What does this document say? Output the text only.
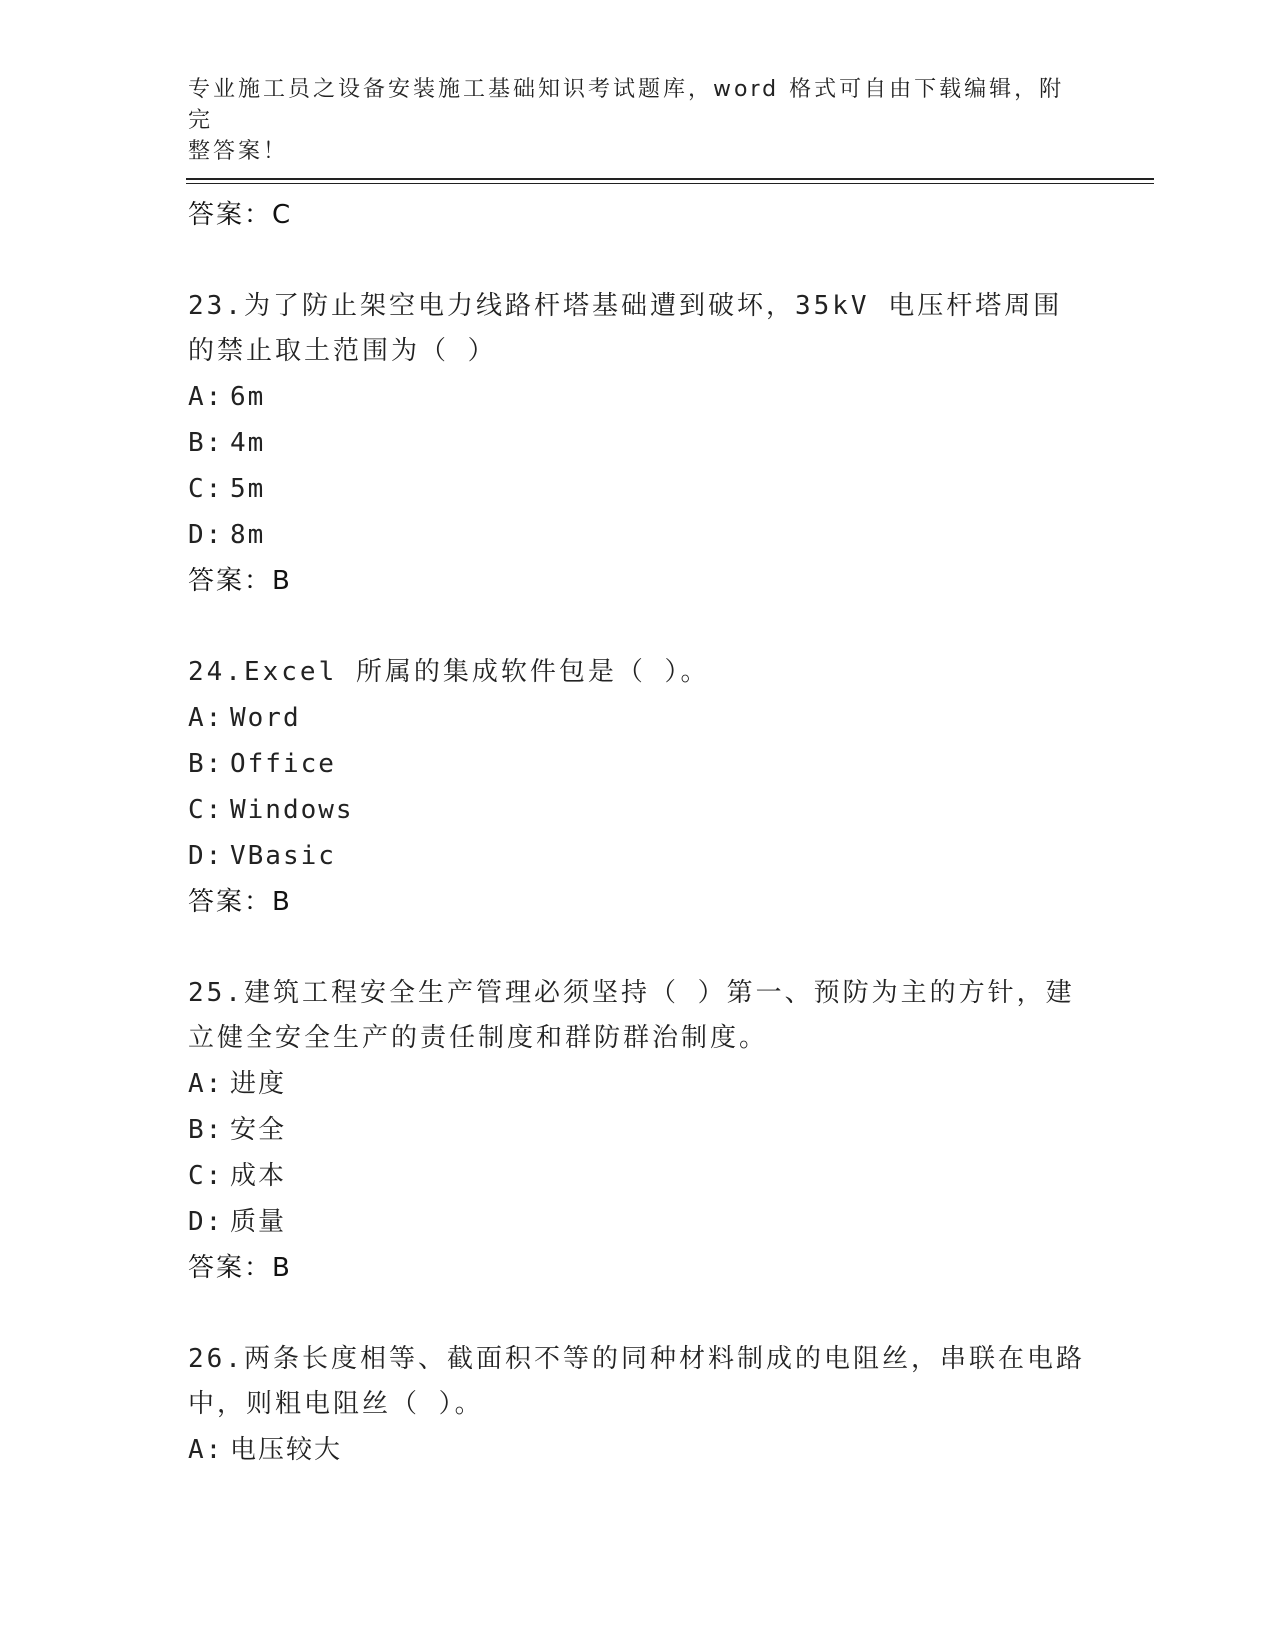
专业施工员之设备安装施工基础知识考试题库，word 格式可自由下载编辑，附完
整答案！
答案：C
23.为了防止架空电力线路杆塔基础遭到破坏，35kV 电压杆塔周围的禁止取土范围为（ ）
A: 6m
B: 4m
C: 5m
D: 8m
答案：B
24.Excel 所属的集成软件包是（ ）。
A: Word
B: Office
C: Windows
D: VBasic
答案：B
25.建筑工程安全生产管理必须坚持（ ）第一、预防为主的方针，建立健全安全生产的责任制度和群防群治制度。
A: 进度
B: 安全
C: 成本
D: 质量
答案：B
26.两条长度相等、截面积不等的同种材料制成的电阻丝，串联在电路中，则粗电阻丝（ ）。
A: 电压较大
